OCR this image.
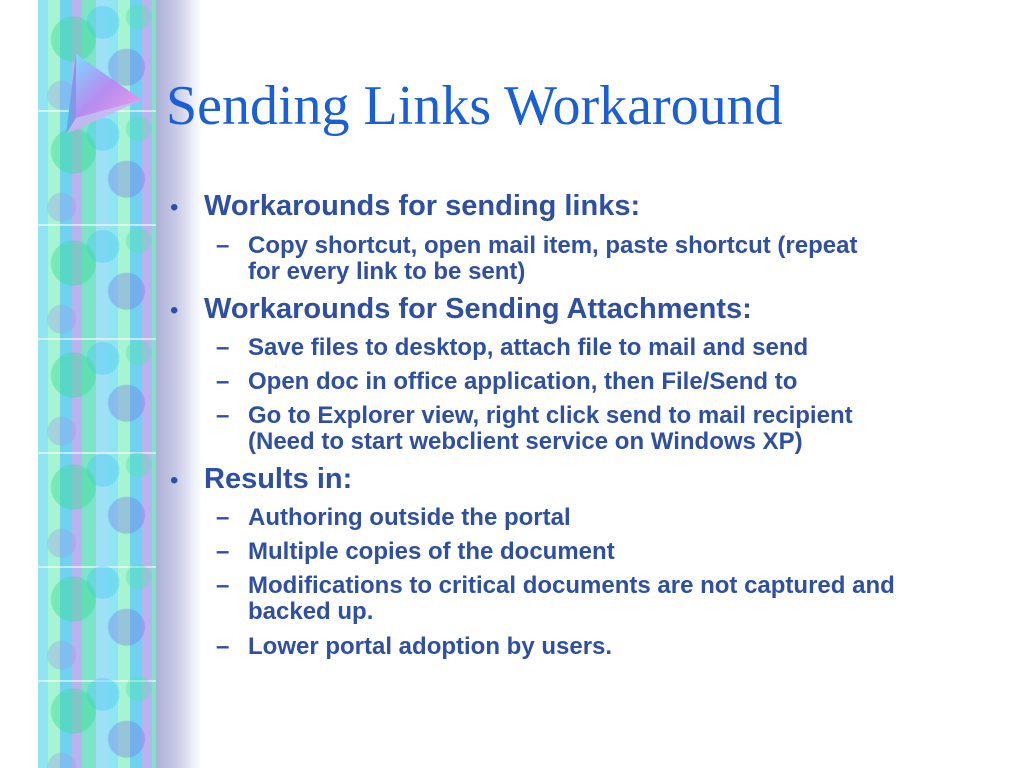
Sending Links Workaround
• Workarounds for sending links:
– Copy shortcut, open mail item, paste shortcut (repeat
for every link to be sent)
• Workarounds for Sending Attachments:
– Save files to desktop, attach file to mail and send
– Open doc in office application, then File/Send to
– Go to Explorer view, right click send to mail recipient
(Need to start webclient service on Windows XP)
• Results in:
– Authoring outside the portal
– Multiple copies of the document
– Modifications to critical documents are not captured and
backed up.
– Lower portal adoption by users.
